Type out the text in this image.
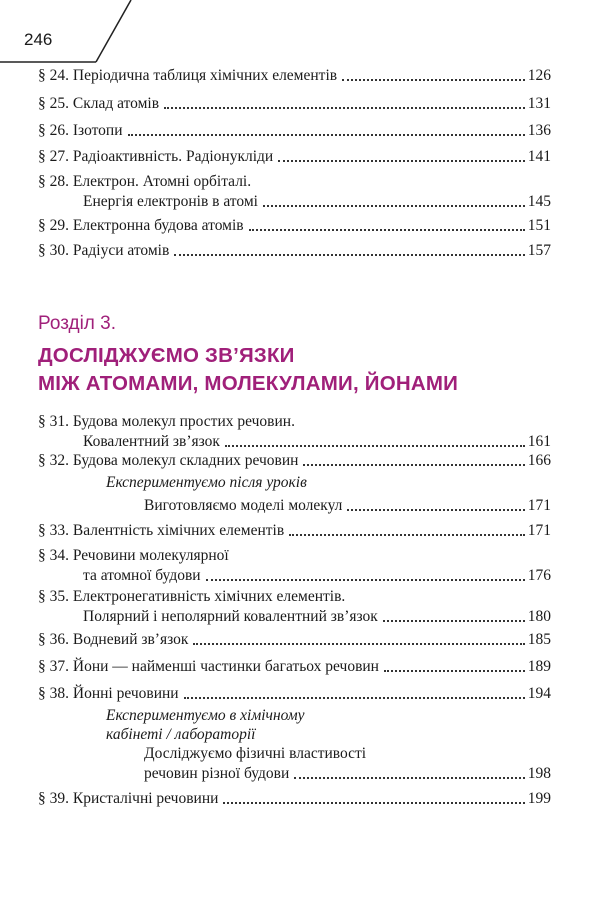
246
§ 24. Періодична таблиця хімічних елементів	126
§ 25. Склад атомів	131
§ 26. Ізотопи	136
§ 27. Радіоактивність. Радіонукліди	141
§ 28. Електрон. Атомні орбіталі.
Енергія електронів в атомі	145
§ 29. Електронна будова атомів	151
§ 30. Радіуси атомів	157
Розділ 3.
ДОСЛІДЖУЄМО ЗВ’ЯЗКИ
МІЖ АТОМАМИ, МОЛЕКУЛАМИ, ЙОНАМИ
§ 31. Будова молекул простих речовин.
Ковалентний зв’язок	161
§ 32. Будова молекул складних речовин	166
Експериментуємо після уроків
Виготовляємо моделі молекул	171
§ 33. Валентність хімічних елементів	171
§ 34. Речовини молекулярної
та атомної будови	176
§ 35. Електронегативність хімічних елементів.
Полярний і неполярний ковалентний зв’язок	180
§ 36. Водневий зв’язок	185
§ 37. Йони — найменші частинки багатьох речовин	189
§ 38. Йонні речовини	194
Експериментуємо в хімічному
кабінеті / лабораторії
Досліджуємо фізичні властивості
речовин різної будови	198
§ 39. Кристалічні речовини	199
